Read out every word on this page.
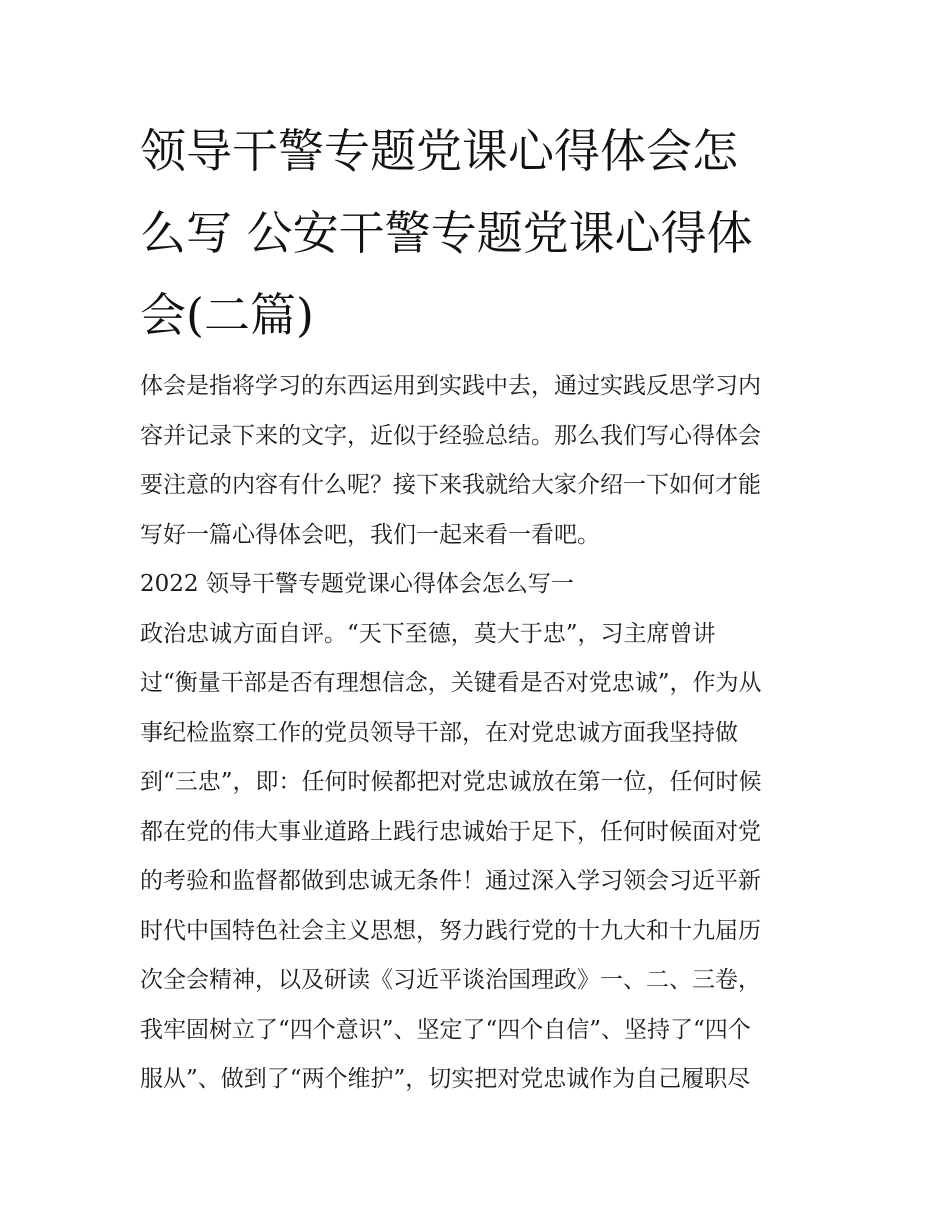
领导干警专题党课心得体会怎
么写 公安干警专题党课心得体
会(二篇)
体会是指将学习的东西运用到实践中去，通过实践反思学习内
容并记录下来的文字，近似于经验总结。那么我们写心得体会
要注意的内容有什么呢？接下来我就给大家介绍一下如何才能
写好一篇心得体会吧，我们一起来看一看吧。
2022 领导干警专题党课心得体会怎么写一
政治忠诚方面自评。“天下至德，莫大于忠”，习主席曾讲
过“衡量干部是否有理想信念，关键看是否对党忠诚”，作为从
事纪检监察工作的党员领导干部，在对党忠诚方面我坚持做
到“三忠”，即：任何时候都把对党忠诚放在第一位，任何时候
都在党的伟大事业道路上践行忠诚始于足下，任何时候面对党
的考验和监督都做到忠诚无条件！通过深入学习领会习近平新
时代中国特色社会主义思想，努力践行党的十九大和十九届历
次全会精神，以及研读《习近平谈治国理政》一、二、三卷，
我牢固树立了“四个意识”、坚定了“四个自信”、坚持了“四个
服从”、做到了“两个维护”，切实把对党忠诚作为自己履职尽
